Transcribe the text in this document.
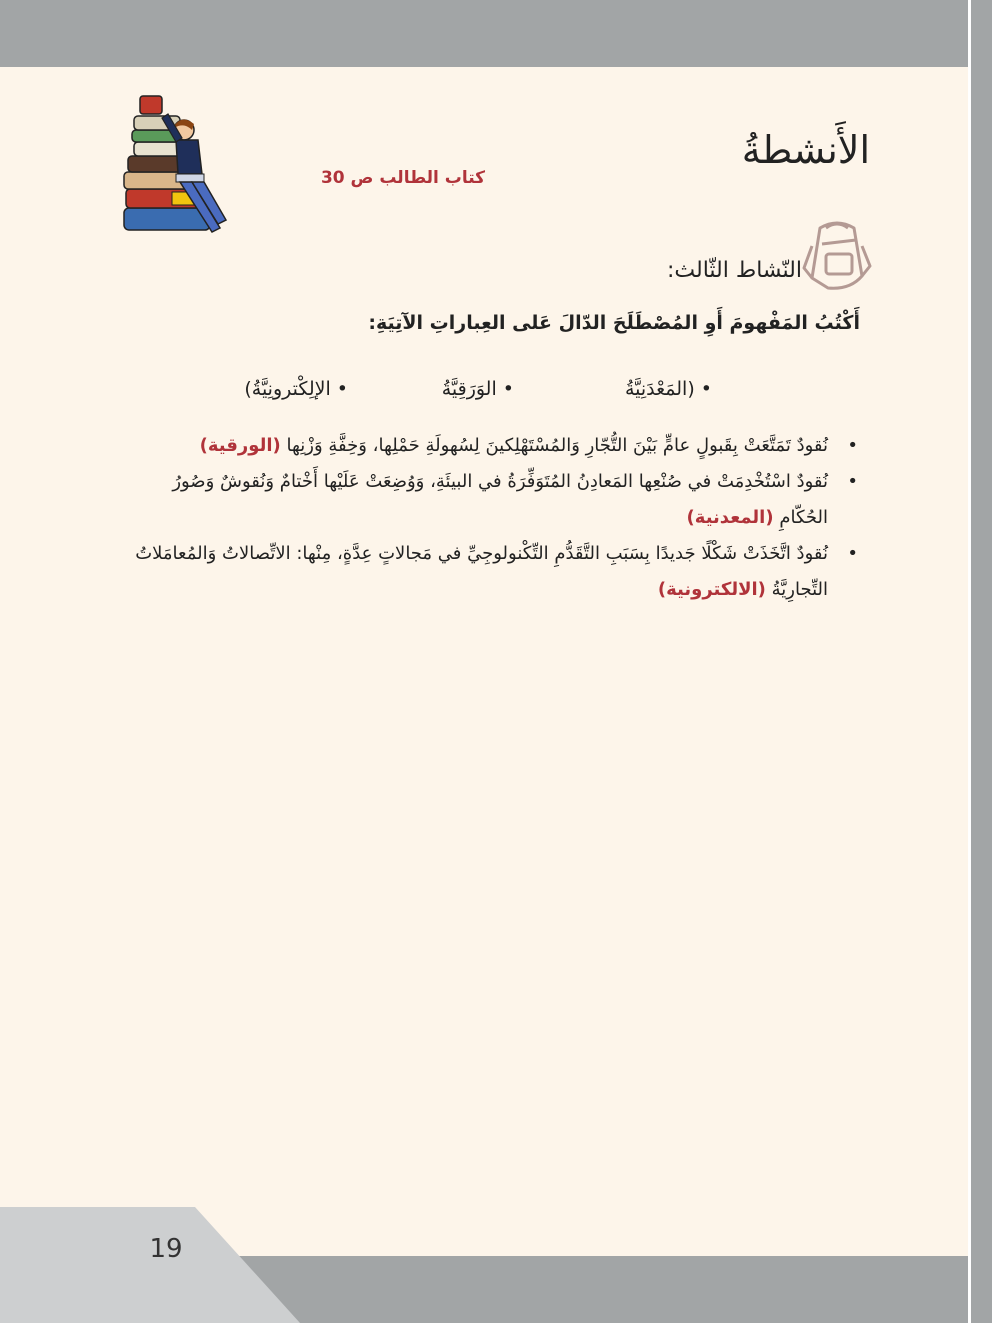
الأَنشطةُ
كتاب الطالب ص 30
النّشاط الثّالث:
أَكْتُبُ المَفْهومَ أَوِ المُصْطَلَحَ الدّالَ عَلى العِباراتِ الآتِيَةِ:
• (المَعْدَنِيَّةُ
• الوَرَقِيَّةُ
• الإلِكْترونِيَّةُ)
•
نُقودٌ تَمَتَّعَتْ بِقَبولٍ عامٍّ بَيْنَ التُّجّارِ وَالمُسْتَهْلِكينَ لِسُهولَةِ حَمْلِها، وَخِفَّةِ وَزْنِها (الورقية)
•
نُقودٌ اسْتُخْدِمَتْ في صُنْعِها المَعادِنُ المُتَوَفِّرَةُ في البيئَةِ، وَوُضِعَتْ عَلَيْها أَخْتامٌ وَنُقوشٌ وَصُورُ الحُكّامِ (المعدنية)
•
نُقودٌ اتَّخَذَتْ شَكْلًا جَديدًا بِسَبَبِ التَّقَدُّمِ التِّكْنولوجِيِّ في مَجالاتٍ عِدَّةٍ، مِنْها: الاتِّصالاتُ وَالمُعامَلاتُ التِّجارِيَّةُ (الالكترونية)
19
